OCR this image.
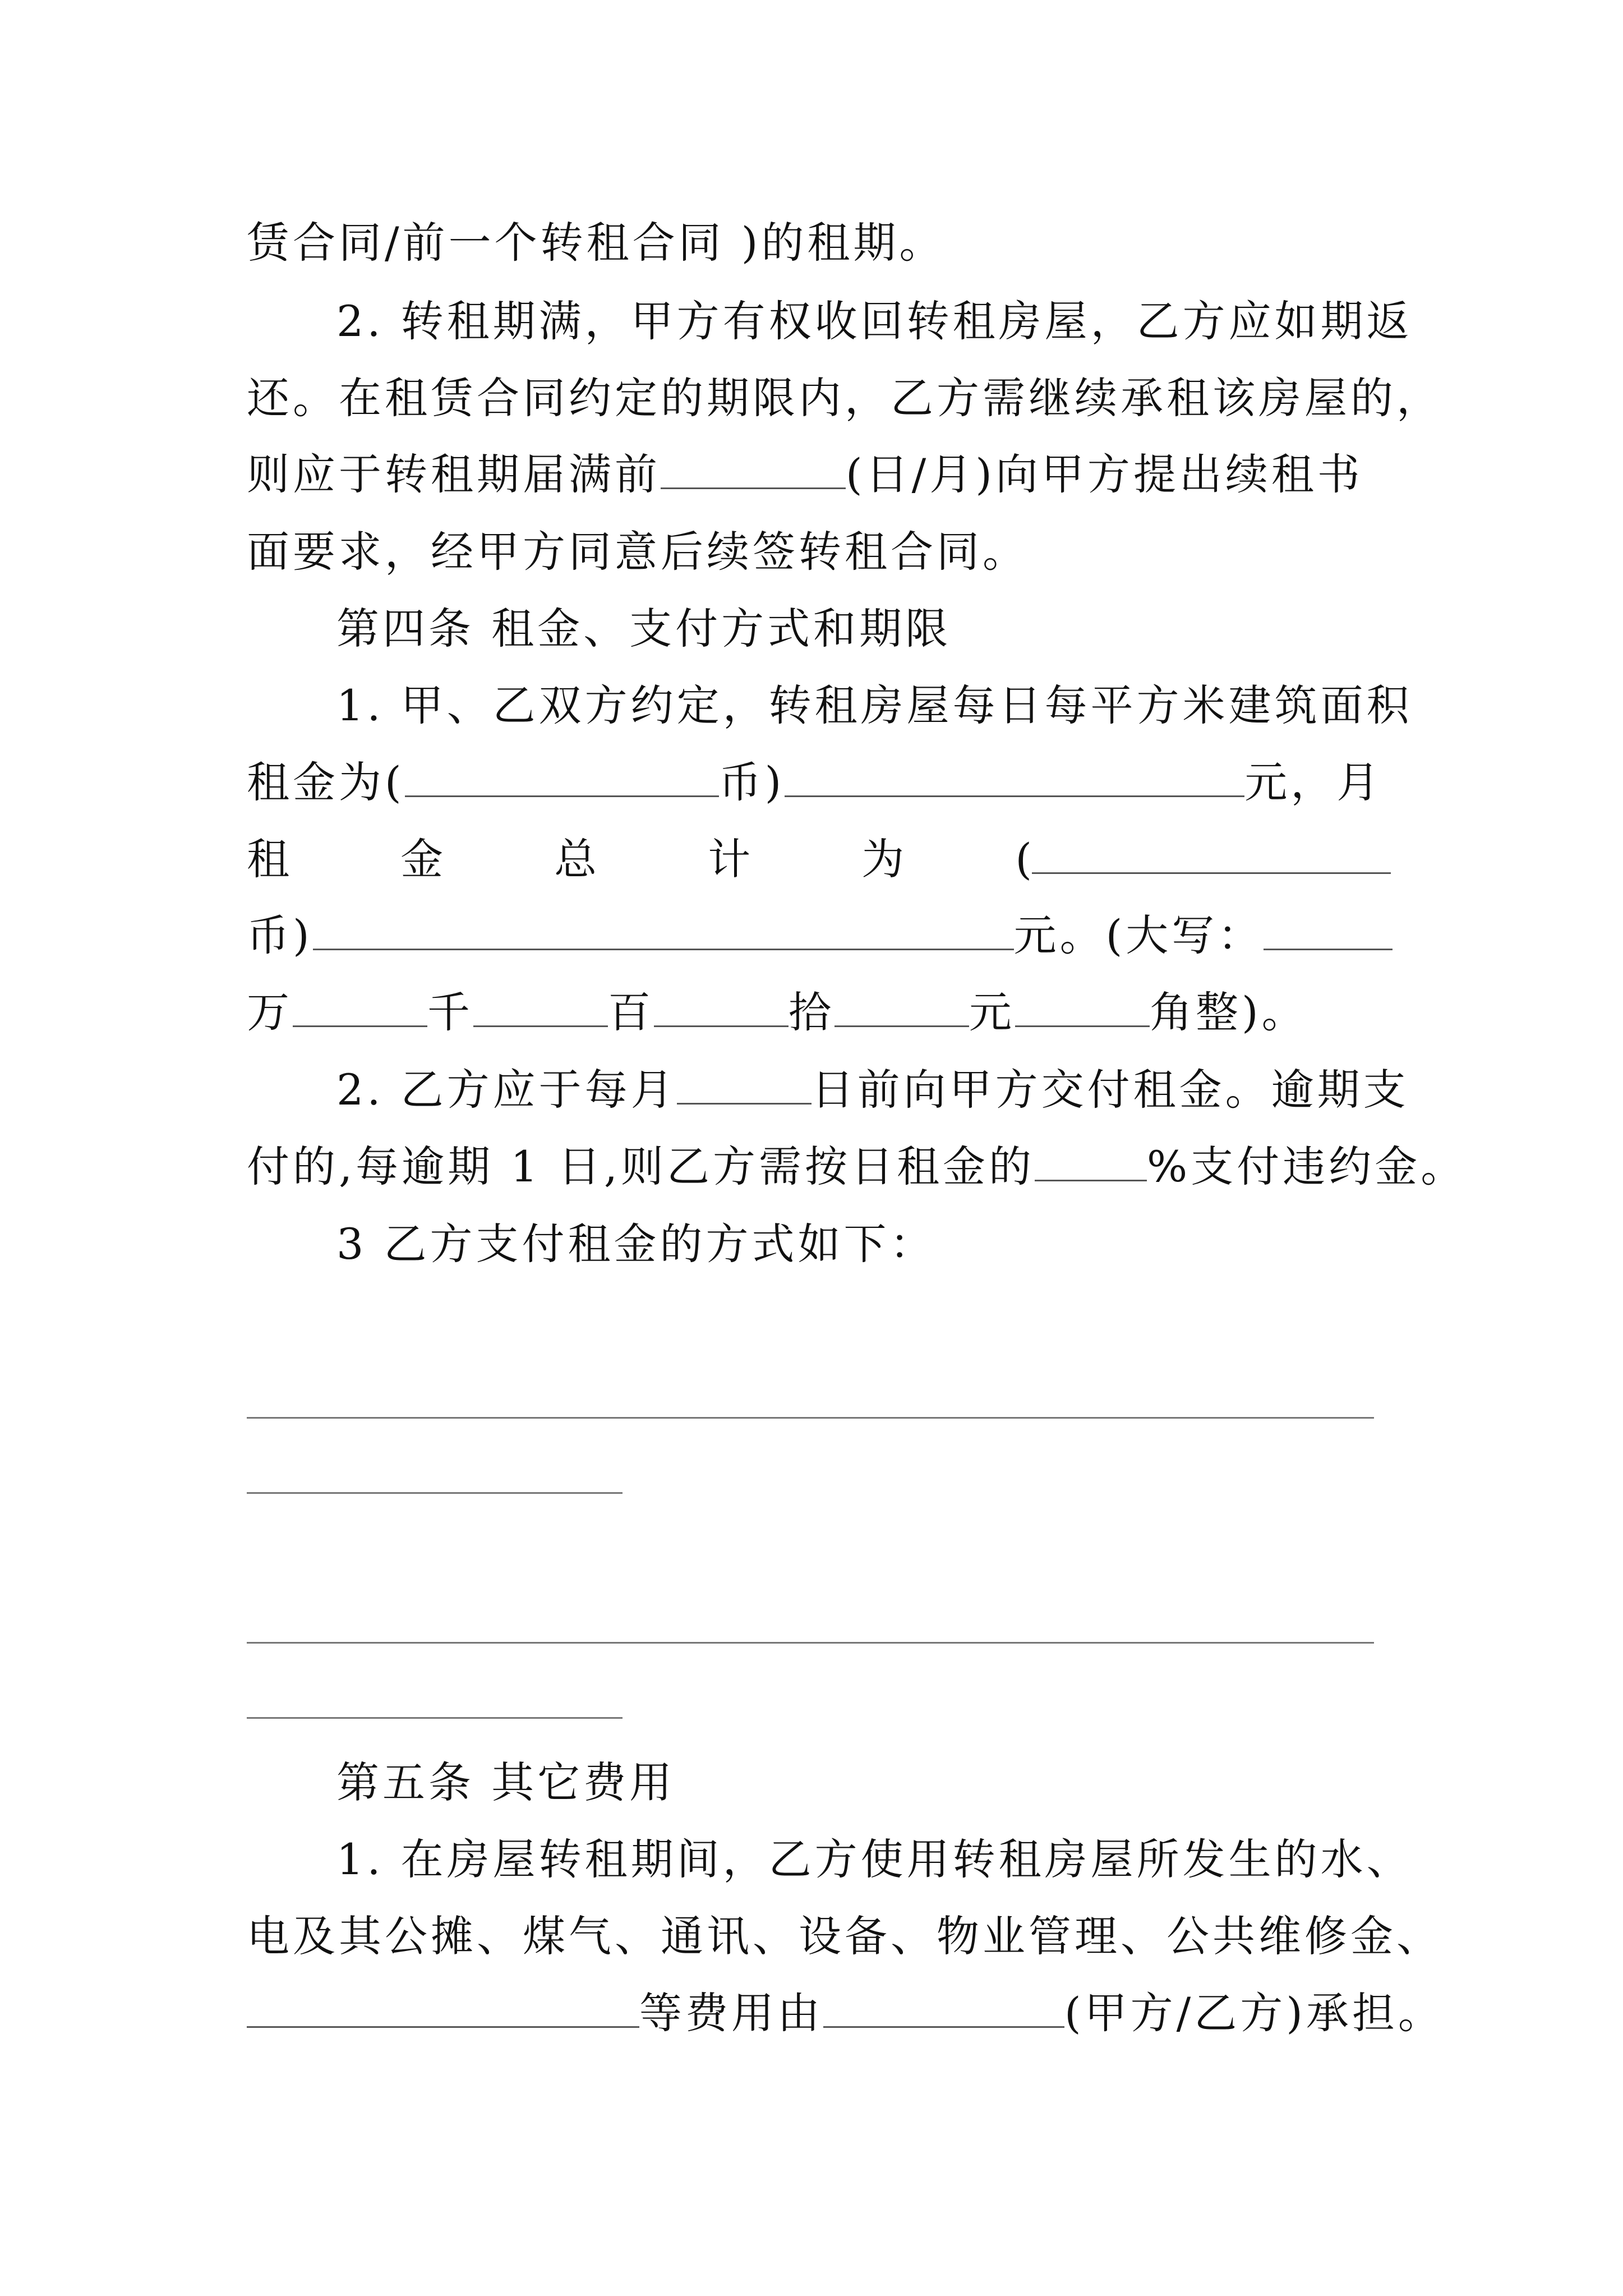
赁合同/前一个转租合同 )的租期。
2. 转租期满，甲方有权收回转租房屋，乙方应如期返
还。在租赁合同约定的期限内，乙方需继续承租该房屋的，
则应于转租期届满前	(日/月)向甲方提出续租书
面要求，经甲方同意后续签转租合同。
第四条 租金、支付方式和期限
1. 甲、乙双方约定，转租房屋每日每平方米建筑面积
租金为(	币)	元，月
租	金	总	计	为	(
币)	元。(大写：
万	千	百	拾	元	角整)。
2. 乙方应于每月	日前向甲方交付租金。逾期支
付的,每逾期 1 日,则乙方需按日租金的	%支付违约金。
3 乙方支付租金的方式如下：
第五条 其它费用
1. 在房屋转租期间，乙方使用转租房屋所发生的水、
电及其公摊、煤气、通讯、设备、物业管理、公共维修金、
等费用由	(甲方/乙方)承担。
